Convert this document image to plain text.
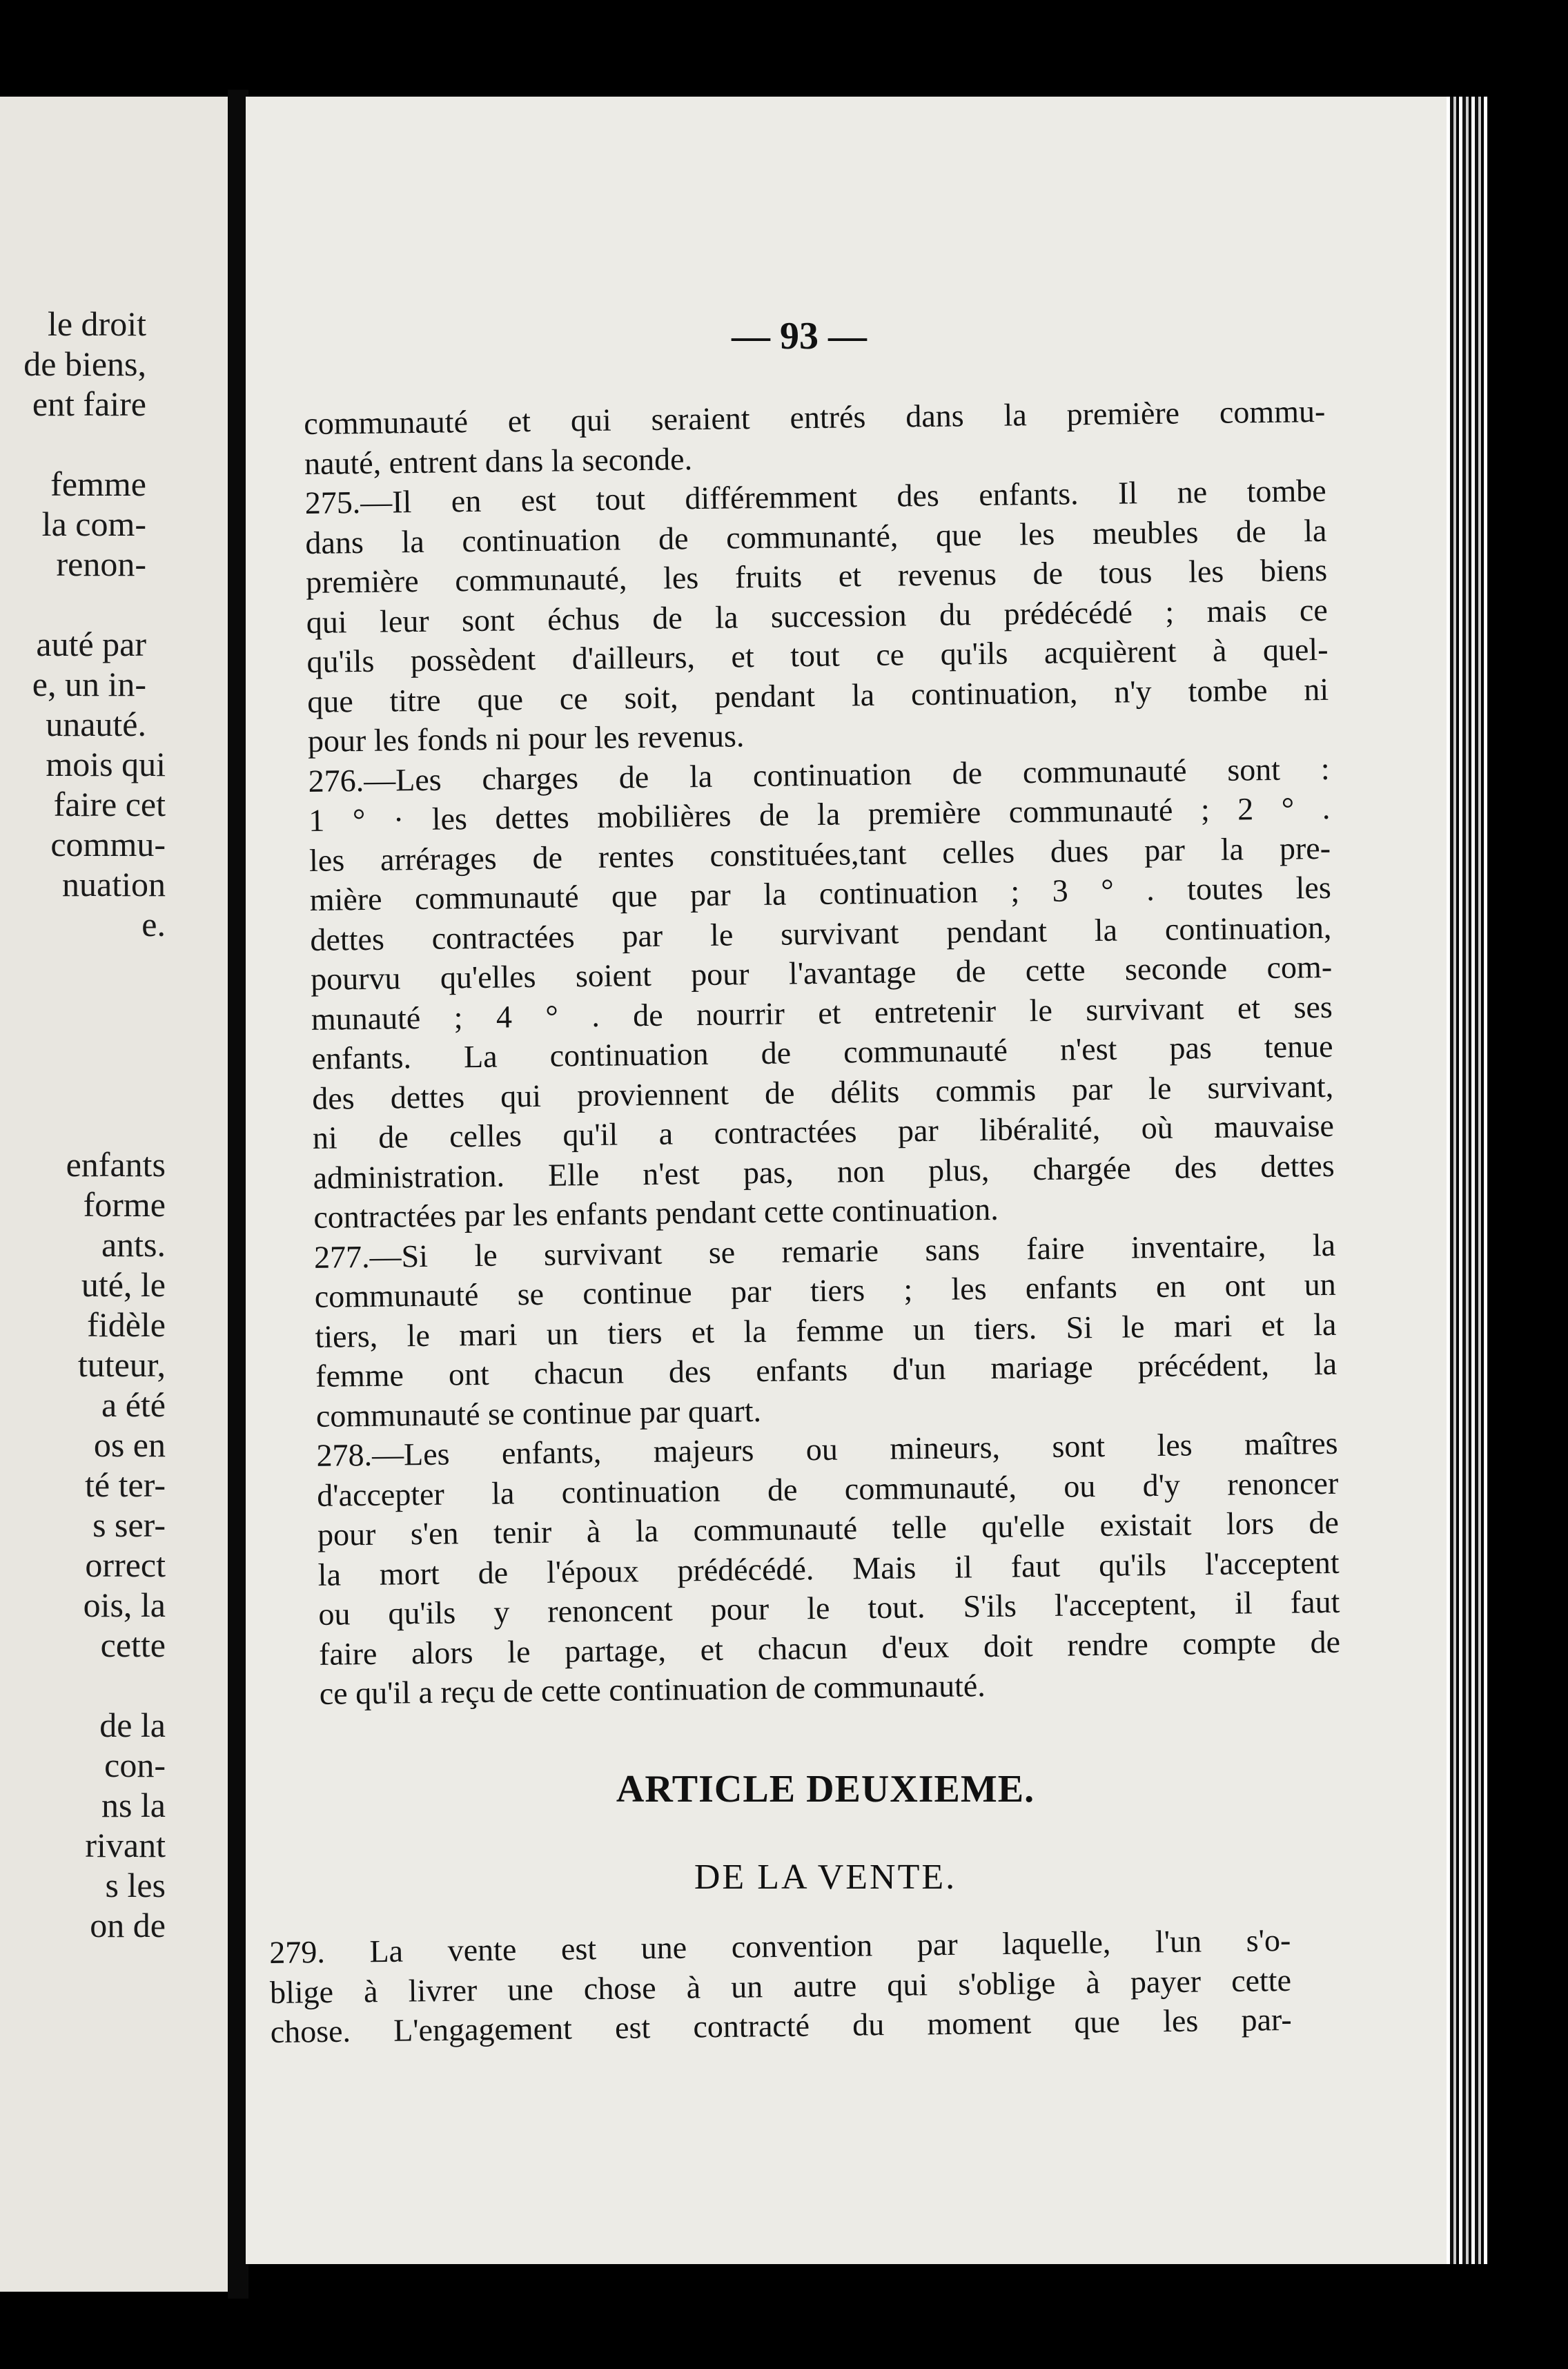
le droit
de biens,
ent faire
femme
la com-
renon-
auté par
e, un in-
unauté.
mois qui
faire cet
commu-
nuation
e.
enfants
forme
ants.
uté, le
fidèle
tuteur,
a été
os en
té ter-
s ser-
orrect
ois, la
cette
de la
con-
ns la
rivant
s les
on de
— 93 —
communauté et qui seraient entrés dans la première commu-
nauté, entrent dans la seconde.
275.—Il en est tout différemment des enfants. Il ne tombe
dans la continuation de communanté, que les meubles de la
première communauté, les fruits et revenus de tous les biens
qui leur sont échus de la succession du prédécédé ; mais ce
qu'ils possèdent d'ailleurs, et tout ce qu'ils acquièrent à quel-
que titre que ce soit, pendant la continuation, n'y tombe ni
pour les fonds ni pour les revenus.
276.—Les charges de la continuation de communauté sont :
1 ° · les dettes mobilières de la première communauté ; 2 ° .
les arrérages de rentes constituées,tant celles dues par la pre-
mière communauté que par la continuation ; 3 ° . toutes les
dettes contractées par le survivant pendant la continuation,
pourvu qu'elles soient pour l'avantage de cette seconde com-
munauté ; 4 ° . de nourrir et entretenir le survivant et ses
enfants. La continuation de communauté n'est pas tenue
des dettes qui proviennent de délits commis par le survivant,
ni de celles qu'il a contractées par libéralité, où mauvaise
administration. Elle n'est pas, non plus, chargée des dettes
contractées par les enfants pendant cette continuation.
277.—Si le survivant se remarie sans faire inventaire, la
communauté se continue par tiers ; les enfants en ont un
tiers, le mari un tiers et la femme un tiers. Si le mari et la
femme ont chacun des enfants d'un mariage précédent, la
communauté se continue par quart.
278.—Les enfants, majeurs ou mineurs, sont les maîtres
d'accepter la continuation de communauté, ou d'y renoncer
pour s'en tenir à la communauté telle qu'elle existait lors de
la mort de l'époux prédécédé. Mais il faut qu'ils l'acceptent
ou qu'ils y renoncent pour le tout. S'ils l'acceptent, il faut
faire alors le partage, et chacun d'eux doit rendre compte de
ce qu'il a reçu de cette continuation de communauté.
ARTICLE DEUXIEME.
DE LA VENTE.
279. La vente est une convention par laquelle, l'un s'o-
blige à livrer une chose à un autre qui s'oblige à payer cette
chose. L'engagement est contracté du moment que les par-
